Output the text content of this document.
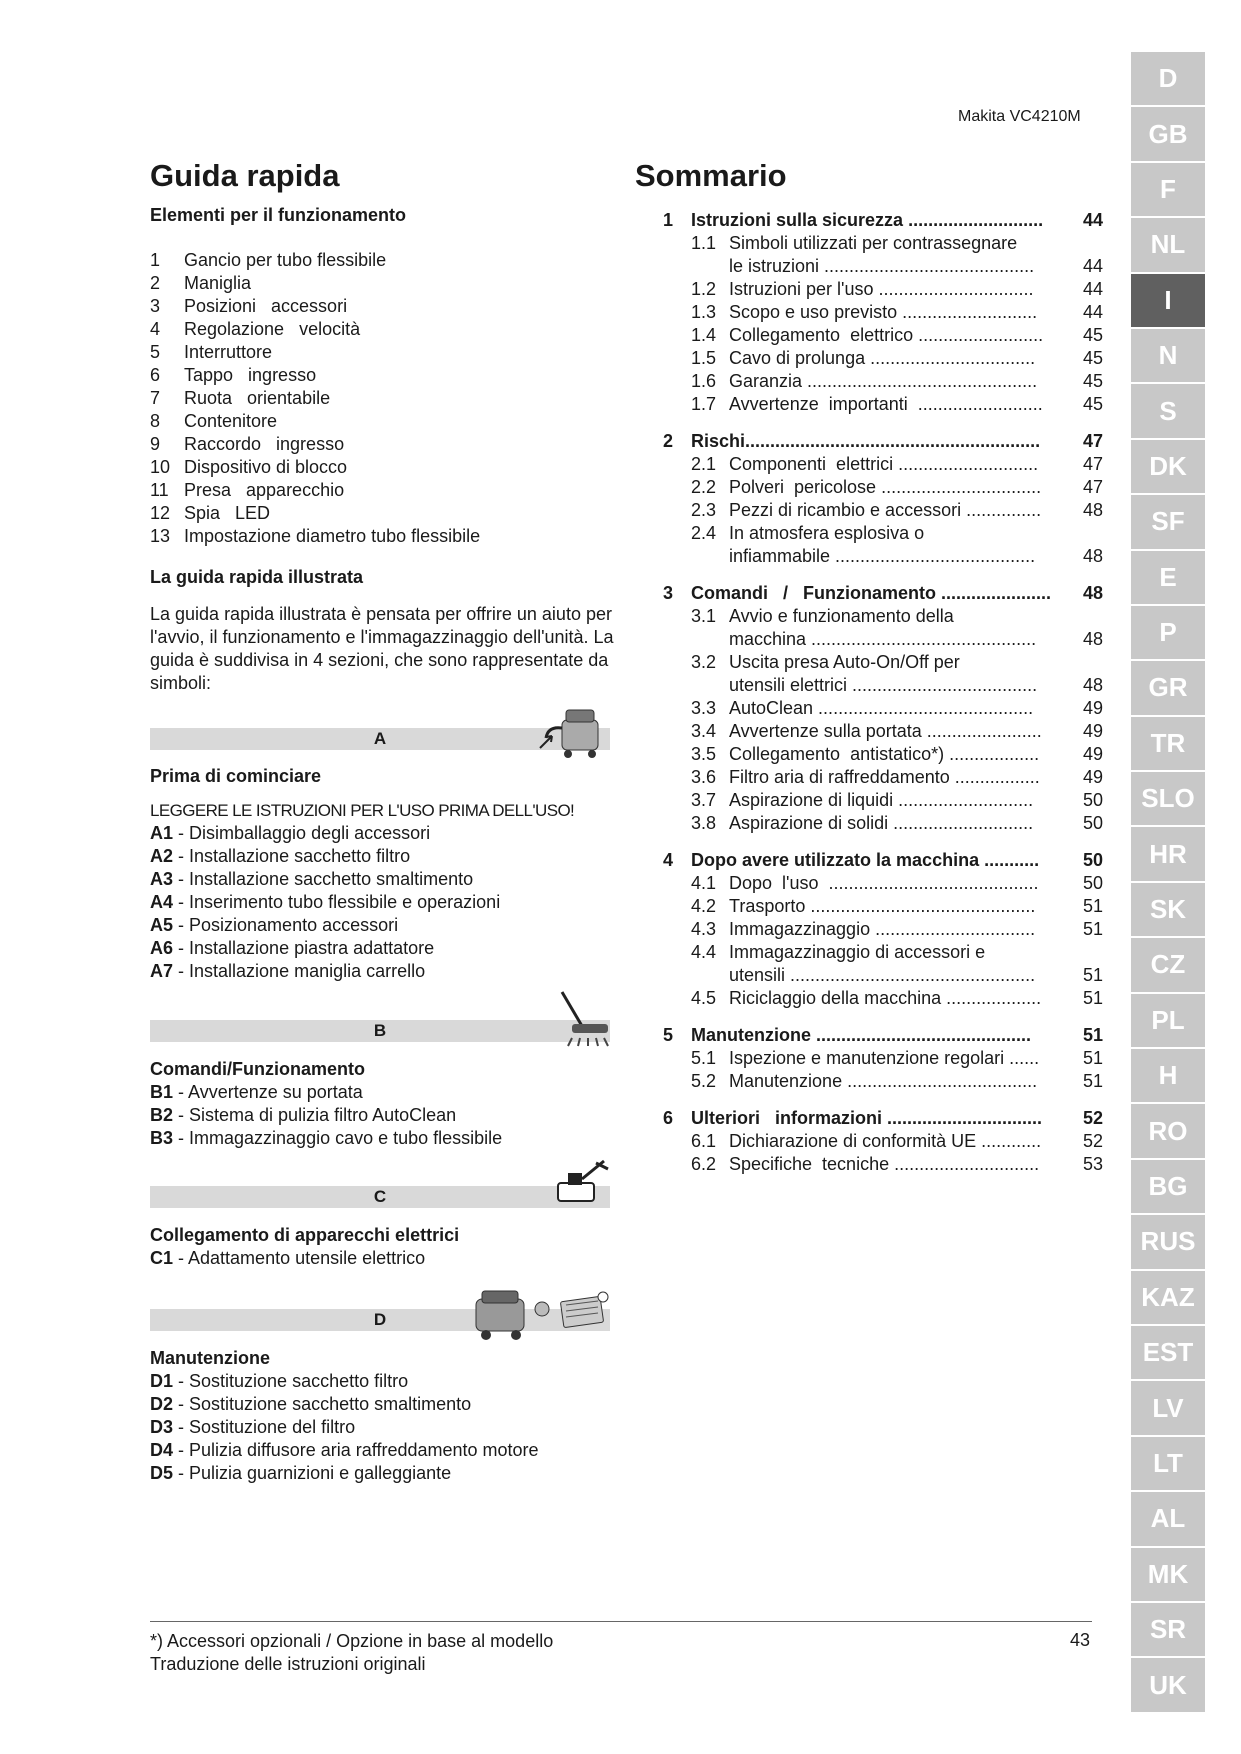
Makita VC4210M
Guida rapida
Elementi per il funzionamento
1 Gancio per tubo flessibile
2 Maniglia
3 Posizioni   accessori
4 Regolazione   velocità
5 Interruttore
6 Tappo   ingresso
7 Ruota   orientabile
8 Contenitore
9 Raccordo   ingresso
10 Dispositivo di blocco
11 Presa   apparecchio
12 Spia   LED
13 Impostazione diametro tubo flessibile
La guida rapida illustrata

La guida rapida illustrata è pensata per offrire un aiuto per l'avvio, il funzionamento e l'immagazzinaggio dell'unità. La guida è suddivisa in 4 sezioni, che sono rappresentate da simboli:

A
Prima di cominciare
LEGGERE LE ISTRUZIONI PER L'USO PRIMA DELL'USO!
A1 - Disimballaggio degli accessori
A2 - Installazione sacchetto filtro
A3 - Installazione sacchetto smaltimento
A4 - Inserimento tubo flessibile e operazioni
A5 - Posizionamento accessori
A6 - Installazione piastra adattatore
A7 - Installazione maniglia carrello
B
Comandi/Funzionamento
B1 - Avvertenze su portata
B2 - Sistema di pulizia filtro AutoClean
B3 - Immagazzinaggio cavo e tubo flessibile
C
Collegamento di apparecchi elettrici
C1 - Adattamento utensile elettrico
D
Manutenzione
D1 - Sostituzione sacchetto filtro
D2 - Sostituzione sacchetto smaltimento
D3 - Sostituzione del filtro
D4 - Pulizia diffusore aria raffreddamento motore
D5 - Pulizia guarnizioni e galleggiante
Sommario
1 Istruzioni sulla sicurezza ...........................	44
1.1 Simboli utilizzati per contrassegnare
le istruzioni ..........................................	44
1.2 Istruzioni per l'uso ...............................	44
1.3 Scopo e uso previsto ...........................	44
1.4 Collegamento  elettrico .........................	45
1.5 Cavo di prolunga .................................	45
1.6 Garanzia ..............................................	45
1.7 Avvertenze  importanti  .........................	45
2 Rischi...........................................................	47
2.1 Componenti  elettrici ............................	47
2.2 Polveri  pericolose ................................	47
2.3 Pezzi di ricambio e accessori ...............	48
2.4 In atmosfera esplosiva o
infiammabile ........................................	48
3 Comandi   /   Funzionamento ......................	48
3.1 Avvio e funzionamento della
macchina .............................................	48
3.2 Uscita presa Auto-On/Off per
utensili elettrici .....................................	48
3.3 AutoClean ...........................................	49
3.4 Avvertenze sulla portata .......................	49
3.5 Collegamento  antistatico*) ..................	49
3.6 Filtro aria di raffreddamento .................	49
3.7 Aspirazione di liquidi ...........................	50
3.8 Aspirazione di solidi ............................	50
4 Dopo avere utilizzato la macchina ...........	50
4.1 Dopo  l'uso  ..........................................	50
4.2 Trasporto .............................................	51
4.3 Immagazzinaggio ................................	51
4.4 Immagazzinaggio di accessori e
utensili .................................................	51
4.5 Riciclaggio della macchina ...................	51
5 Manutenzione ...........................................	51
5.1 Ispezione e manutenzione regolari ......	51
5.2 Manutenzione ......................................	51
6 Ulteriori   informazioni ...............................	52
6.1 Dichiarazione di conformità UE ............	52
6.2 Specifiche  tecniche .............................	53
D
GB
F
NL
I
N
S
DK
SF
E
P
GR
TR
SLO
HR
SK
CZ
PL
H
RO
BG
RUS
KAZ
EST
LV
LT
AL
MK
SR
UK
*) Accessori opzionali / Opzione in base al modello
Traduzione delle istruzioni originali
43
